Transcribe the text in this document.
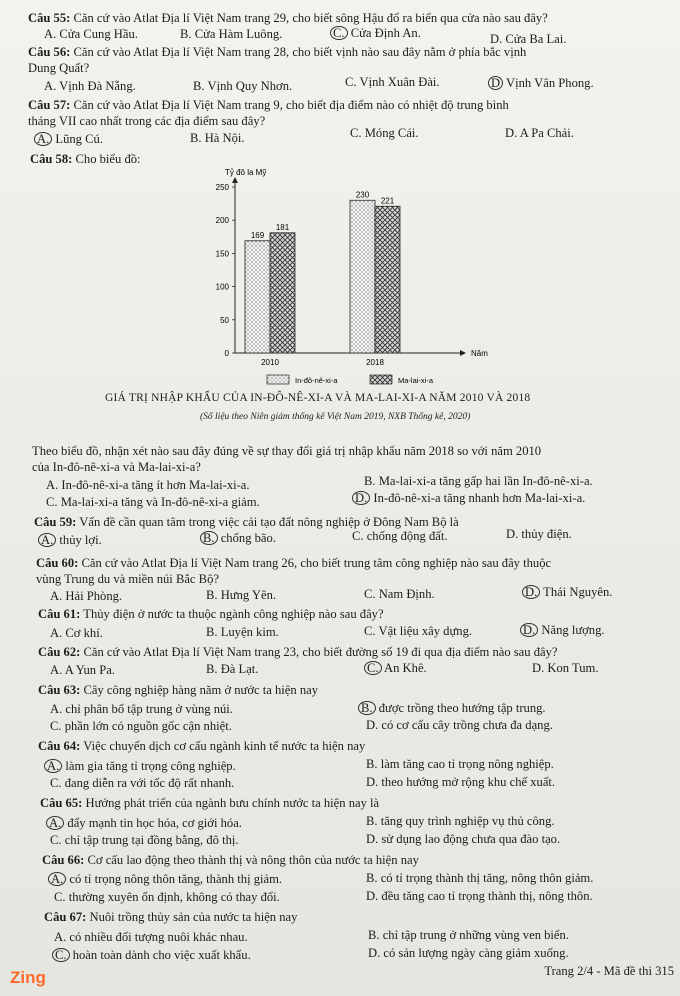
Câu 55: Căn cứ vào Atlat Địa lí Việt Nam trang 29, cho biết sông Hậu đổ ra biển qua cửa nào sau đây?
A. Cửa Cung Hầu.	B. Cửa Hàm Luông.	C. Cửa Định An.	D. Cửa Ba Lai.
Câu 56: Căn cứ vào Atlat Địa lí Việt Nam trang 28, cho biết vịnh nào sau đây nằm ở phía bắc vịnh
Dung Quất?
A. Vịnh Đà Nẵng.	B. Vịnh Quy Nhơn.	C. Vịnh Xuân Đài.	D Vịnh Vân Phong.
Câu 57: Căn cứ vào Atlat Địa lí Việt Nam trang 9, cho biết địa điểm nào có nhiệt độ trung bình
tháng VII cao nhất trong các địa điểm sau đây?
A. Lũng Cú.	B. Hà Nội.	C. Móng Cái.	D. A Pa Chải.
Câu 58: Cho biểu đồ:
Tỷ đô la Mỹ
Năm
0
50
100
150
200
250
169
181
2010
230
221
2018
In-đô-nê-xi-a	Ma-lai-xi-a
GIÁ TRỊ NHẬP KHẨU CỦA IN-ĐÔ-NÊ-XI-A VÀ MA-LAI-XI-A NĂM 2010 VÀ 2018
(Số liệu theo Niên giám thống kê Việt Nam 2019, NXB Thống kê, 2020)
Theo biểu đồ, nhận xét nào sau đây đúng về sự thay đổi giá trị nhập khẩu năm 2018 so với năm 2010
của In-đô-nê-xi-a và Ma-lai-xi-a?
A. In-đô-nê-xi-a tăng ít hơn Ma-lai-xi-a.	B. Ma-lai-xi-a tăng gấp hai lần In-đô-nê-xi-a.
C. Ma-lai-xi-a tăng và In-đô-nê-xi-a giảm.	D. In-đô-nê-xi-a tăng nhanh hơn Ma-lai-xi-a.
Câu 59: Vấn đề cần quan tâm trong việc cải tạo đất nông nghiệp ở Đông Nam Bộ là
A. thủy lợi.	B. chống bão.	C. chống động đất.	D. thủy điện.
Câu 60: Căn cứ vào Atlat Địa lí Việt Nam trang 26, cho biết trung tâm công nghiệp nào sau đây thuộc
vùng Trung du và miền núi Bắc Bộ?
A. Hải Phòng.	B. Hưng Yên.	C. Nam Định.	D. Thái Nguyên.
Câu 61: Thủy điện ở nước ta thuộc ngành công nghiệp nào sau đây?
A. Cơ khí.	B. Luyện kim.	C. Vật liệu xây dựng.	D. Năng lượng.
Câu 62: Căn cứ vào Atlat Địa lí Việt Nam trang 23, cho biết đường số 19 đi qua địa điểm nào sau đây?
A. A Yun Pa.	B. Đà Lạt.	C. An Khê.	D. Kon Tum.
Câu 63: Cây công nghiệp hàng năm ở nước ta hiện nay
A. chỉ phân bố tập trung ở vùng núi.	B. được trồng theo hướng tập trung.
C. phần lớn có nguồn gốc cận nhiệt.	D. có cơ cấu cây trồng chưa đa dạng.
Câu 64: Việc chuyển dịch cơ cấu ngành kinh tế nước ta hiện nay
A. làm gia tăng tỉ trọng công nghiệp.	B. làm tăng cao tỉ trọng nông nghiệp.
C. đang diễn ra với tốc độ rất nhanh.	D. theo hướng mở rộng khu chế xuất.
Câu 65: Hướng phát triển của ngành bưu chính nước ta hiện nay là
A. đẩy mạnh tin học hóa, cơ giới hóa.	B. tăng quy trình nghiệp vụ thủ công.
C. chỉ tập trung tại đồng bằng, đô thị.	D. sử dụng lao động chưa qua đào tạo.
Câu 66: Cơ cấu lao động theo thành thị và nông thôn của nước ta hiện nay
A. có tỉ trọng nông thôn tăng, thành thị giảm.	B. có tỉ trọng thành thị tăng, nông thôn giảm.
C. thường xuyên ổn định, không có thay đổi.	D. đều tăng cao tỉ trọng thành thị, nông thôn.
Câu 67: Nuôi trồng thủy sản của nước ta hiện nay
A. có nhiều đối tượng nuôi khác nhau.	B. chỉ tập trung ở những vùng ven biển.
C. hoàn toàn dành cho việc xuất khẩu.	D. có sản lượng ngày càng giảm xuống.
Zing	Trang 2/4 - Mã đề thi 315
